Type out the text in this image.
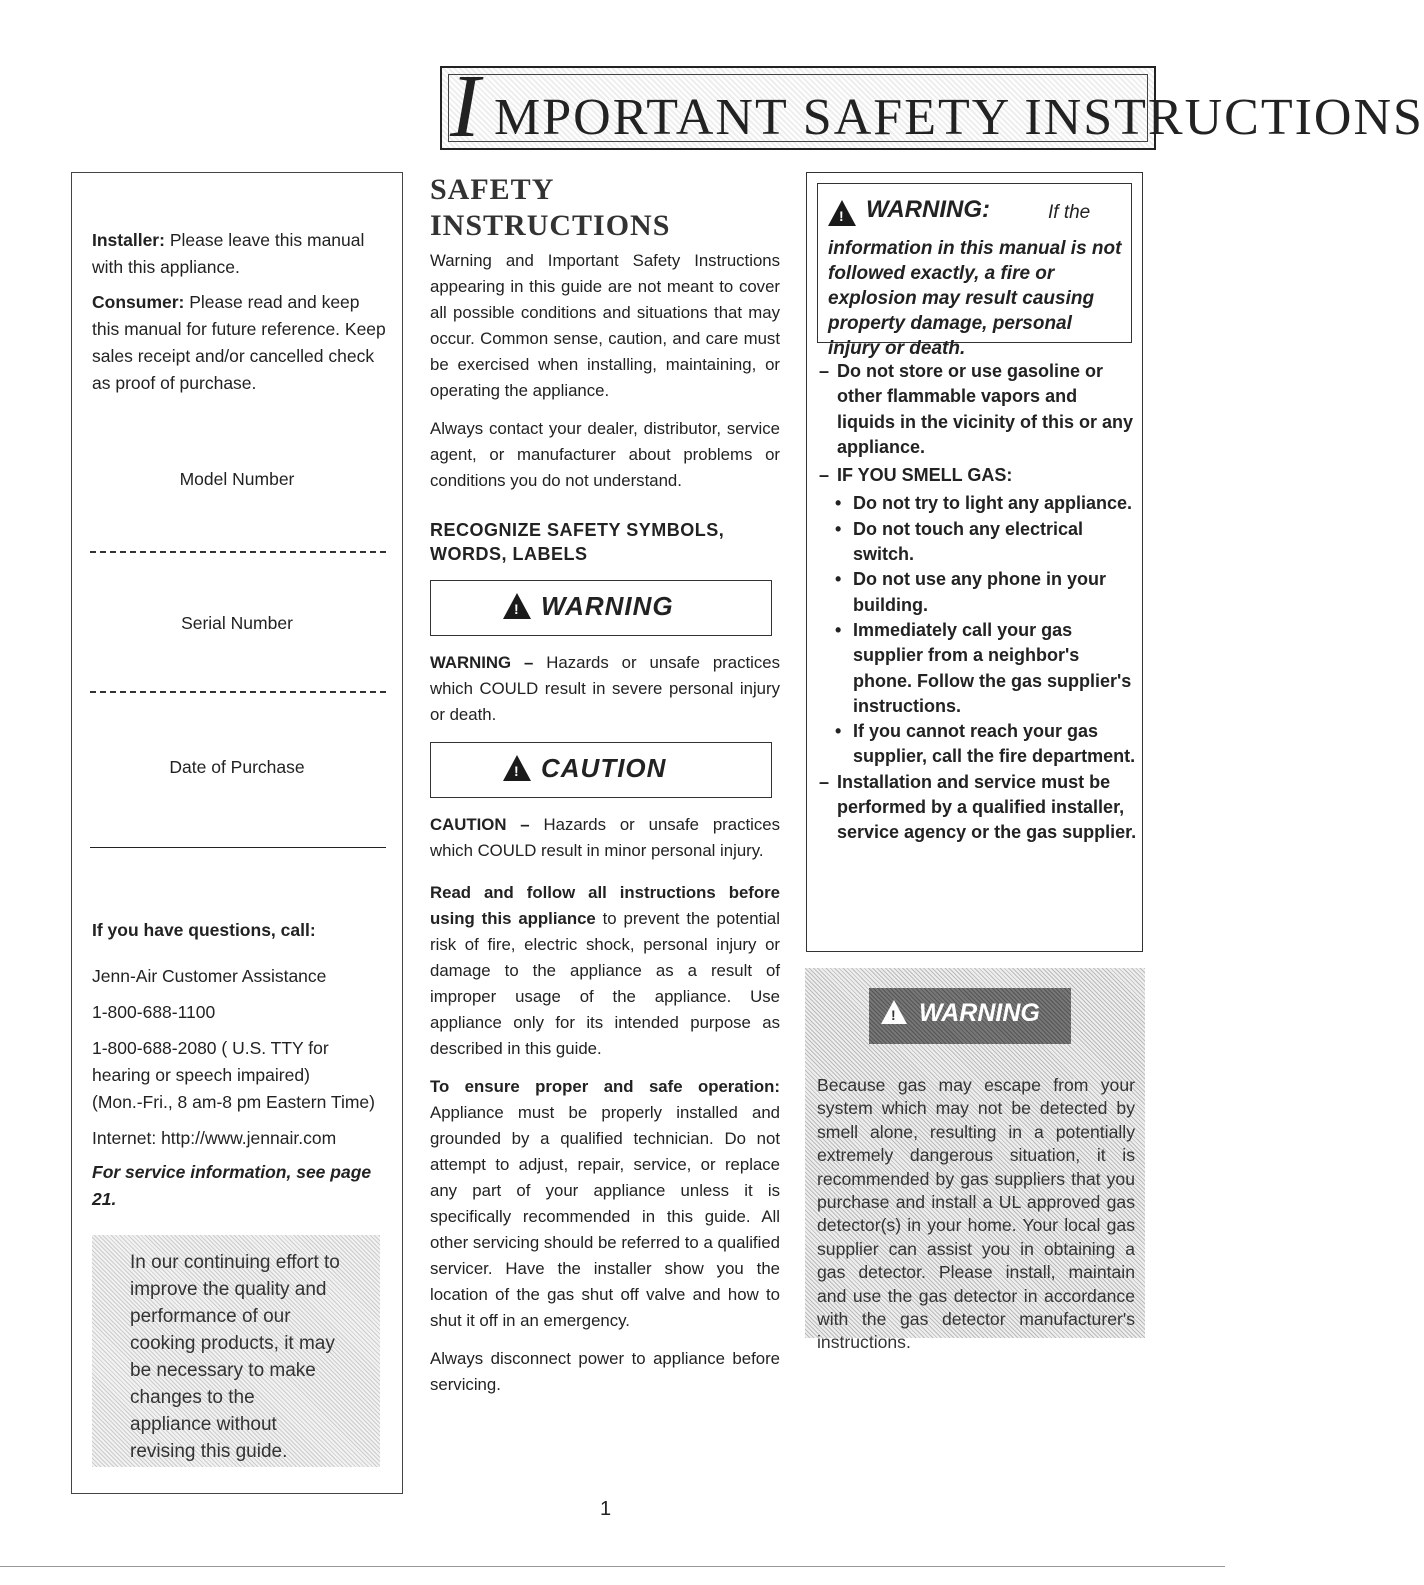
I MPORTANT SAFETY INSTRUCTIONS
Installer: Please leave this manual with this appliance.
Consumer: Please read and keep this manual for future reference. Keep sales receipt and/or cancelled check as proof of purchase.
Model Number
Serial Number
Date of Purchase
If you have questions, call:
Jenn-Air Customer Assistance
1-800-688-1100
1-800-688-2080 ( U.S. TTY for hearing or speech impaired)
(Mon.-Fri., 8 am-8 pm Eastern Time)
Internet: http://www.jennair.com
For service information, see page 21.

In our continuing effort to improve the quality and performance of our cooking products, it may be necessary to make changes to the appliance without revising this guide.

SAFETY INSTRUCTIONS

Warning and Important Safety Instructions appearing in this guide are not meant to cover all possible conditions and situations that may occur. Common sense, caution, and care must be exercised when installing, maintaining, or operating the appliance.

Always contact your dealer, distributor, service agent, or manufacturer about problems or conditions you do not understand.

RECOGNIZE SAFETY SYMBOLS, WORDS, LABELS

!
WARNING

WARNING – Hazards or unsafe practices which COULD result in severe personal injury or death.

!
CAUTION

CAUTION – Hazards or unsafe practices which COULD result in minor personal injury.

Read and follow all instructions before using this appliance to prevent the potential risk of fire, electric shock, personal injury or damage to the appliance as a result of improper usage of the appliance. Use appliance only for its intended purpose as described in this guide.

To ensure proper and safe operation: Appliance must be properly installed and grounded by a qualified technician. Do not attempt to adjust, repair, service, or replace any part of your appliance unless it is specifically recommended in this guide. All other servicing should be referred to a qualified servicer. Have the installer show you the location of the gas shut off valve and how to shut it off in an emergency.

Always disconnect power to appliance before servicing.

!
WARNING:	If the
information in this manual is not followed exactly, a fire or explosion may result causing property damage, personal injury or death.
– Do not store or use gasoline or other flammable vapors and liquids in the vicinity of this or any appliance.
– IF YOU SMELL GAS:
• Do not try to light any appliance.
• Do not touch any electrical switch.
• Do not use any phone in your building.
• Immediately call your gas supplier from a neighbor's phone. Follow the gas supplier's instructions.
• If you cannot reach your gas supplier, call the fire department.
– Installation and service must be performed by a qualified installer, service agency or the gas supplier.
!
WARNING
Because gas may escape from your system which may not be detected by smell alone, resulting in a potentially extremely dangerous situation, it is recommended by gas suppliers that you purchase and install a UL approved gas detector(s) in your home. Your local gas supplier can assist you in obtaining a gas detector. Please install, maintain and use the gas detector in accordance with the gas detector manufacturer's instructions.
1
